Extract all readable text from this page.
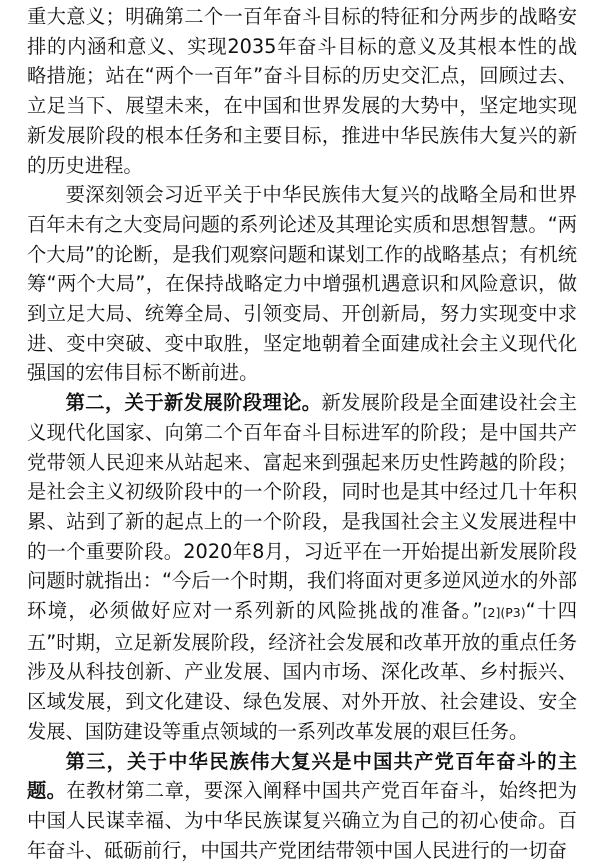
重大意义；明确第二个一百年奋斗目标的特征和分两步的战略安排的内涵和意义、实现2035年奋斗目标的意义及其根本性的战略措施；站在“两个一百年”奋斗目标的历史交汇点，回顾过去、立足当下、展望未来，在中国和世界发展的大势中，坚定地实现新发展阶段的根本任务和主要目标，推进中华民族伟大复兴的新的历史进程。

要深刻领会习近平关于中华民族伟大复兴的战略全局和世界百年未有之大变局问题的系列论述及其理论实质和思想智慧。“两个大局”的论断，是我们观察问题和谋划工作的战略基点；有机统筹“两个大局”，在保持战略定力中增强机遇意识和风险意识，做到立足大局、统筹全局、引领变局、开创新局，努力实现变中求进、变中突破、变中取胜，坚定地朝着全面建成社会主义现代化强国的宏伟目标不断前进。

第二，关于新发展阶段理论。新发展阶段是全面建设社会主义现代化国家、向第二个百年奋斗目标进军的阶段；是中国共产党带领人民迎来从站起来、富起来到强起来历史性跨越的阶段；是社会主义初级阶段中的一个阶段，同时也是其中经过几十年积累、站到了新的起点上的一个阶段，是我国社会主义发展进程中的一个重要阶段。2020年8月，习近平在一开始提出新发展阶段问题时就指出：“今后一个时期，我们将面对更多逆风逆水的外部环境，必须做好应对一系列新的风险挑战的准备。”[2](P3)“十四五”时期，立足新发展阶段，经济社会发展和改革开放的重点任务涉及从科技创新、产业发展、国内市场、深化改革、乡村振兴、区域发展，到文化建设、绿色发展、对外开放、社会建设、安全发展、国防建设等重点领域的一系列改革发展的艰巨任务。

第三，关于中华民族伟大复兴是中国共产党百年奋斗的主题。在教材第二章，要深入阐释中国共产党百年奋斗，始终把为中国人民谋幸福、为中华民族谋复兴确立为自己的初心使命。百年奋斗、砥砺前行，中国共产党团结带领中国人民进行的一切奋
